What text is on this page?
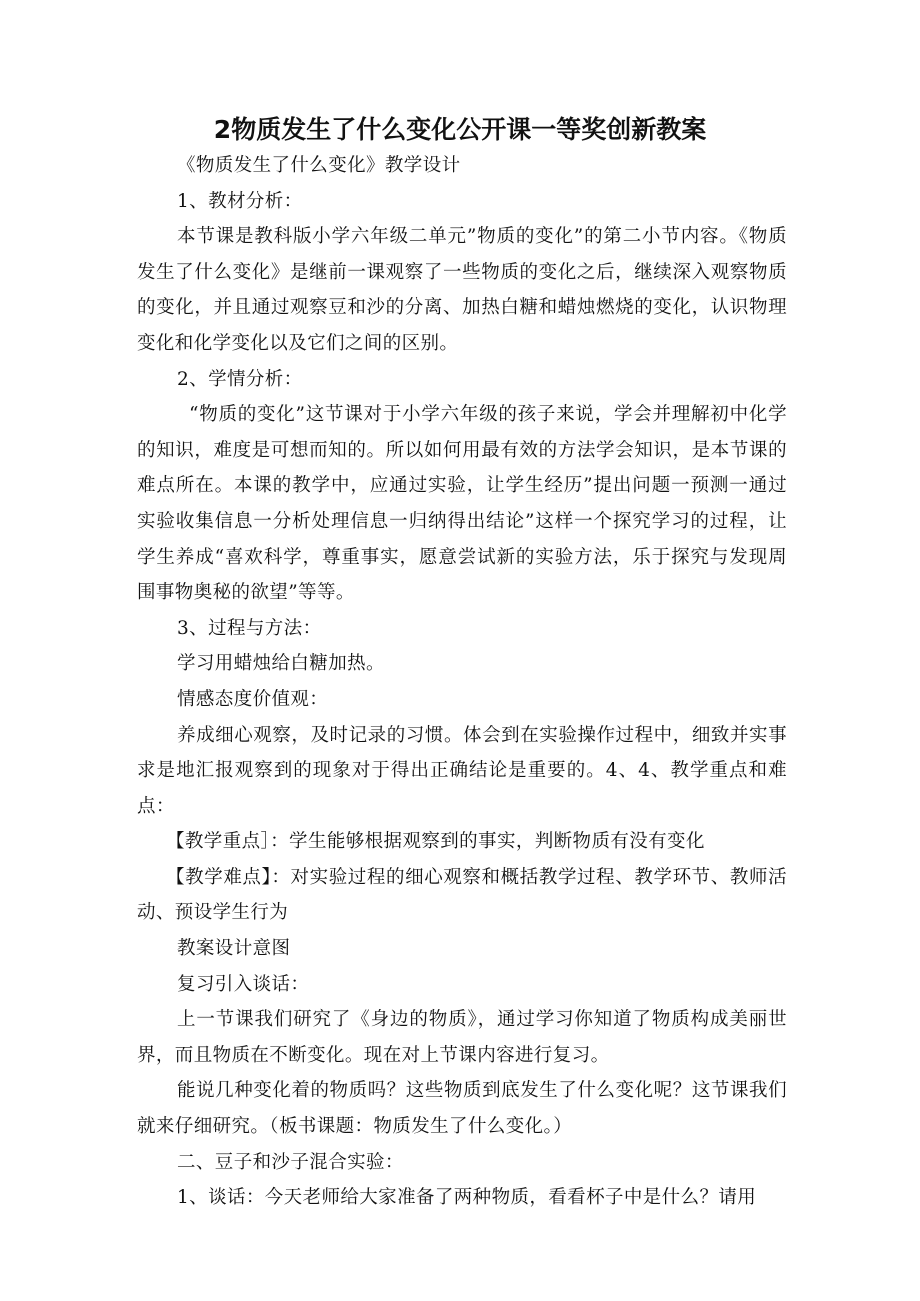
2物质发生了什么变化公开课一等奖创新教案

《物质发生了什么变化》教学设计

1、教材分析：

本节课是教科版小学六年级二单元”物质的变化”的第二小节内容。《物质发生了什么变化》是继前一课观察了一些物质的变化之后，继续深入观察物质的变化，并且通过观察豆和沙的分离、加热白糖和蜡烛燃烧的变化，认识物理变化和化学变化以及它们之间的区别。

2、学情分析：

“物质的变化”这节课对于小学六年级的孩子来说，学会并理解初中化学的知识，难度是可想而知的。所以如何用最有效的方法学会知识，是本节课的难点所在。本课的教学中，应通过实验，让学生经历”提出问题一预测一通过实验收集信息一分析处理信息一归纳得出结论”这样一个探究学习的过程，让学生养成“喜欢科学，尊重事实，愿意尝试新的实验方法，乐于探究与发现周围事物奥秘的欲望”等等。

3、过程与方法：

学习用蜡烛给白糖加热。

情感态度价值观：

养成细心观察，及时记录的习惯。体会到在实验操作过程中，细致并实事求是地汇报观察到的现象对于得出正确结论是重要的。4、4、教学重点和难点：

【教学重点］：学生能够根据观察到的事实，判断物质有没有变化

【教学难点】：对实验过程的细心观察和概括教学过程、教学环节、教师活动、预设学生行为

教案设计意图

复习引入谈话：

上一节课我们研究了《身边的物质》，通过学习你知道了物质构成美丽世界，而且物质在不断变化。现在对上节课内容进行复习。

能说几种变化着的物质吗？这些物质到底发生了什么变化呢？这节课我们就来仔细研究。（板书课题：物质发生了什么变化。）

二、豆子和沙子混合实验：

1、谈话：今天老师给大家准备了两种物质，看看杯子中是什么？请用
